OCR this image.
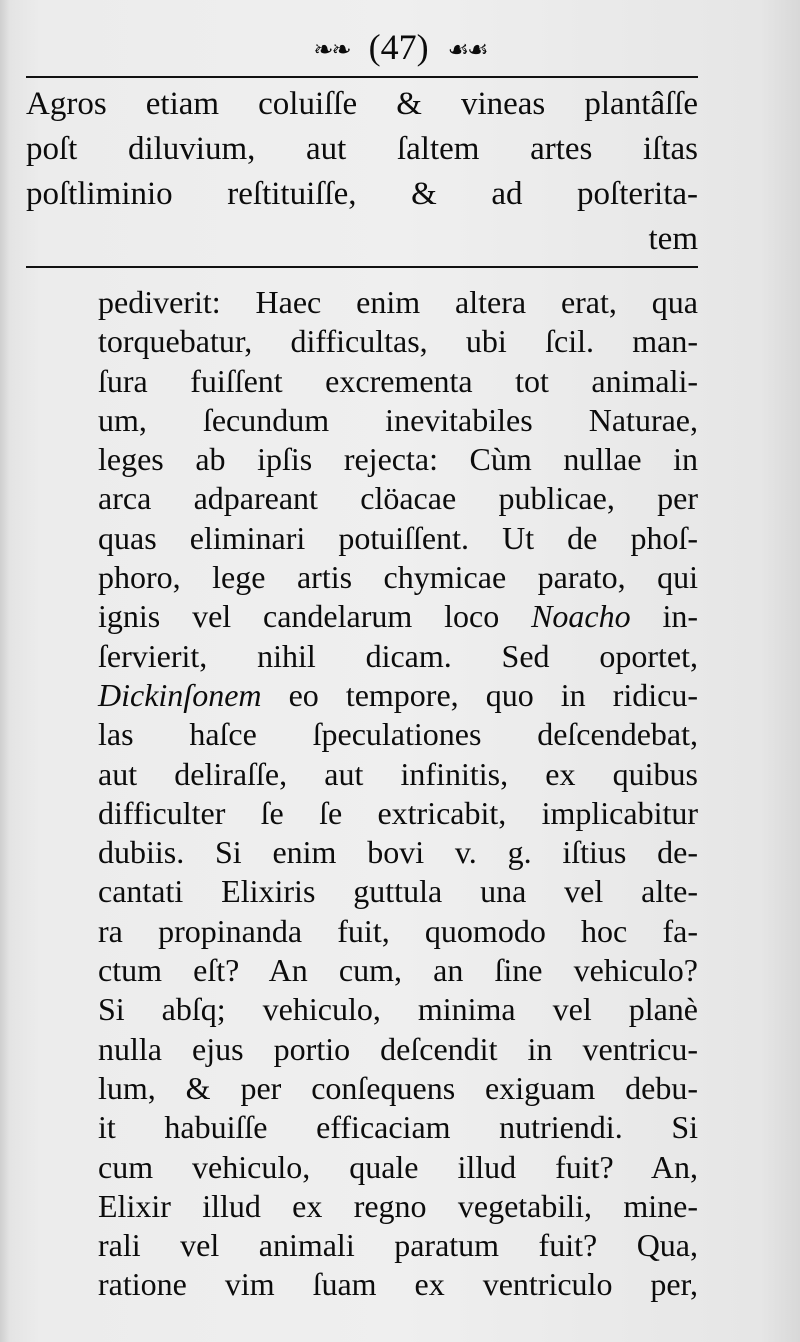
❧❧ (47) ☙☙
Agros etiam coluiſſe & vineas plantâſſe
poſt diluvium, aut ſaltem artes iſtas
poſtliminio reſtituiſſe, & ad poſterita-
tem
pediverit: Haec enim altera erat, qua
torquebatur, difficultas, ubi ſcil. man-
ſura fuiſſent excrementa tot animali-
um, ſecundum inevitabiles Naturae,
leges ab ipſis rejecta: Cùm nullae in
arca adpareant clöacae publicae, per
quas eliminari potuiſſent. Ut de phoſ-
phoro, lege artis chymicae parato, qui
ignis vel candelarum loco Noacho in-
ſervierit, nihil dicam. Sed oportet,
Dickinſonem eo tempore, quo in ridicu-
las haſce ſpeculationes deſcendebat,
aut deliraſſe, aut infinitis, ex quibus
difficulter ſe ſe extricabit, implicabitur
dubiis. Si enim bovi v. g. iſtius de-
cantati Elixiris guttula una vel alte-
ra propinanda fuit, quomodo hoc fa-
ctum eſt? An cum, an ſine vehiculo?
Si abſq; vehiculo, minima vel planè
nulla ejus portio deſcendit in ventricu-
lum, & per conſequens exiguam debu-
it habuiſſe efficaciam nutriendi. Si
cum vehiculo, quale illud fuit? An,
Elixir illud ex regno vegetabili, mine-
rali vel animali paratum fuit? Qua,
ratione vim ſuam ex ventriculo per,
